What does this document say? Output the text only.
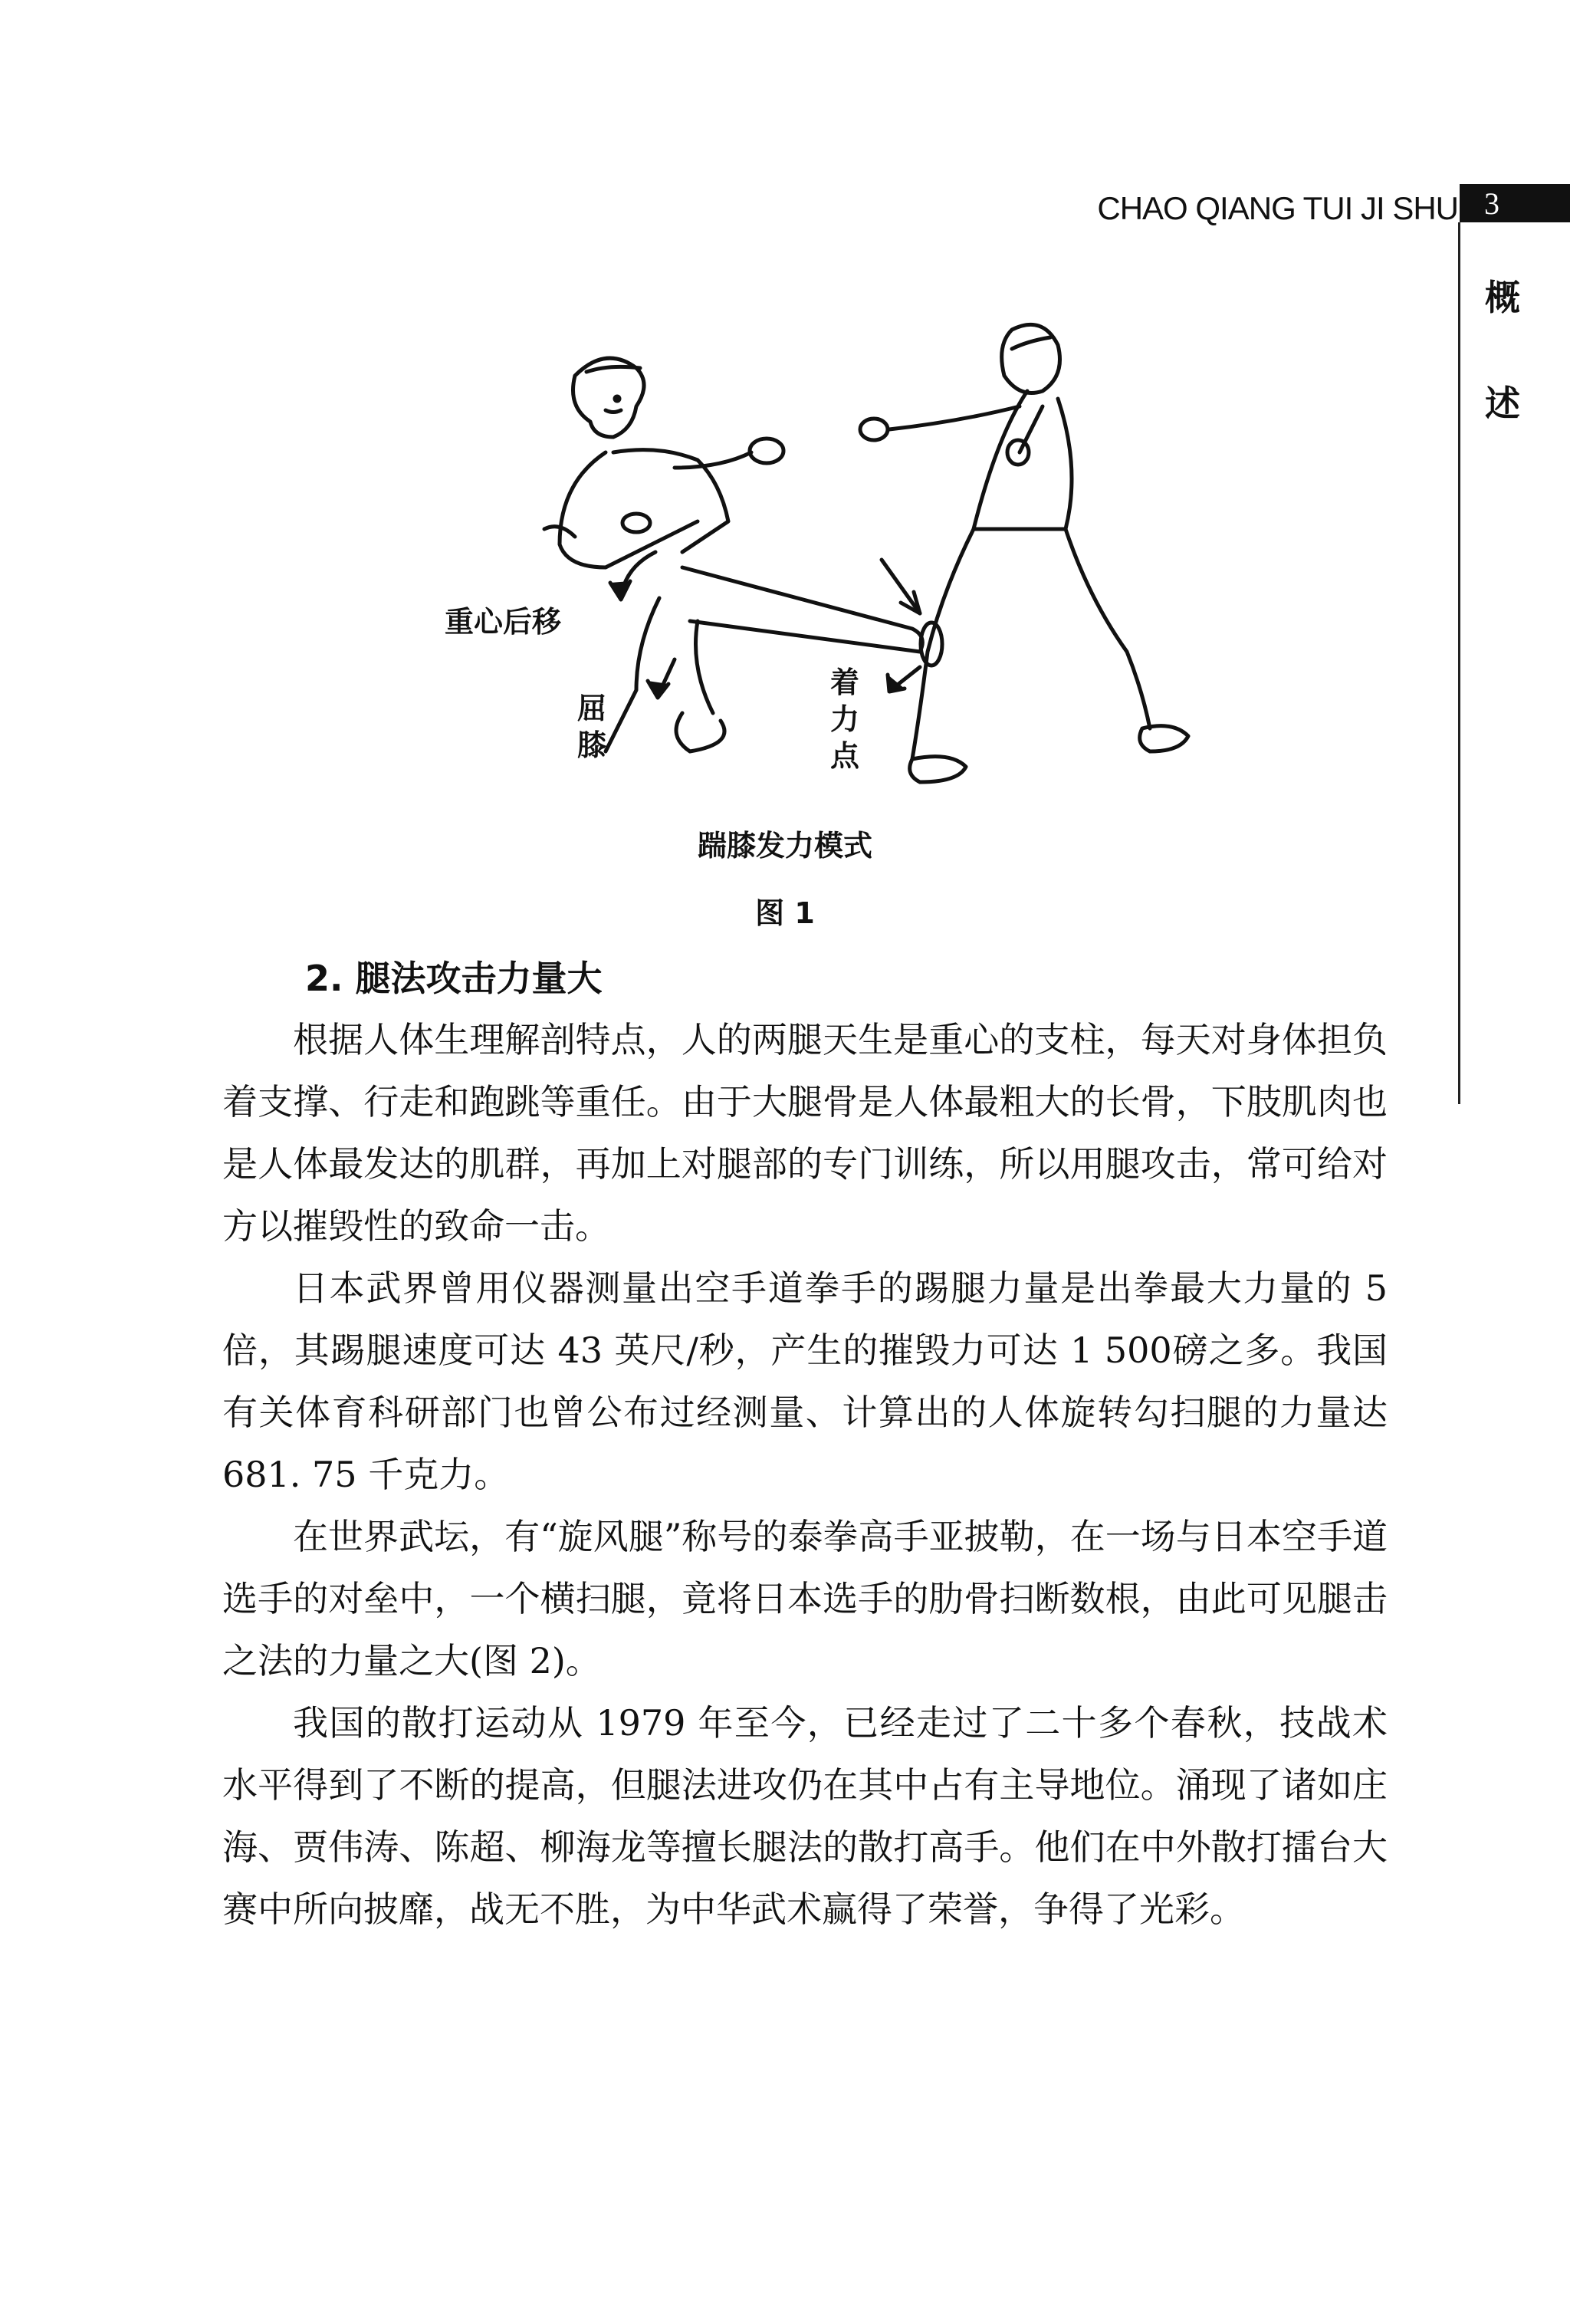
CHAO QIANG TUI JI SHU 3
概
述
重心后移
屈膝
着力点
踹膝发力模式
图 1
2. 腿法攻击力量大

根据人体生理解剖特点，人的两腿天生是重心的支柱，每天对身体担负着支撑、行走和跑跳等重任。由于大腿骨是人体最粗大的长骨，下肢肌肉也是人体最发达的肌群，再加上对腿部的专门训练，所以用腿攻击，常可给对方以摧毁性的致命一击。

日本武界曾用仪器测量出空手道拳手的踢腿力量是出拳最大力量的 5 倍，其踢腿速度可达 43 英尺/秒，产生的摧毁力可达 1 500磅之多。我国有关体育科研部门也曾公布过经测量、计算出的人体旋转勾扫腿的力量达 681. 75 千克力。

在世界武坛，有“旋风腿”称号的泰拳高手亚披勒，在一场与日本空手道选手的对垒中，一个横扫腿，竟将日本选手的肋骨扫断数根，由此可见腿击之法的力量之大(图 2)。

我国的散打运动从 1979 年至今，已经走过了二十多个春秋，技战术水平得到了不断的提高，但腿法进攻仍在其中占有主导地位。涌现了诸如庄海、贾伟涛、陈超、柳海龙等擅长腿法的散打高手。他们在中外散打擂台大赛中所向披靡，战无不胜，为中华武术赢得了荣誉，争得了光彩。
